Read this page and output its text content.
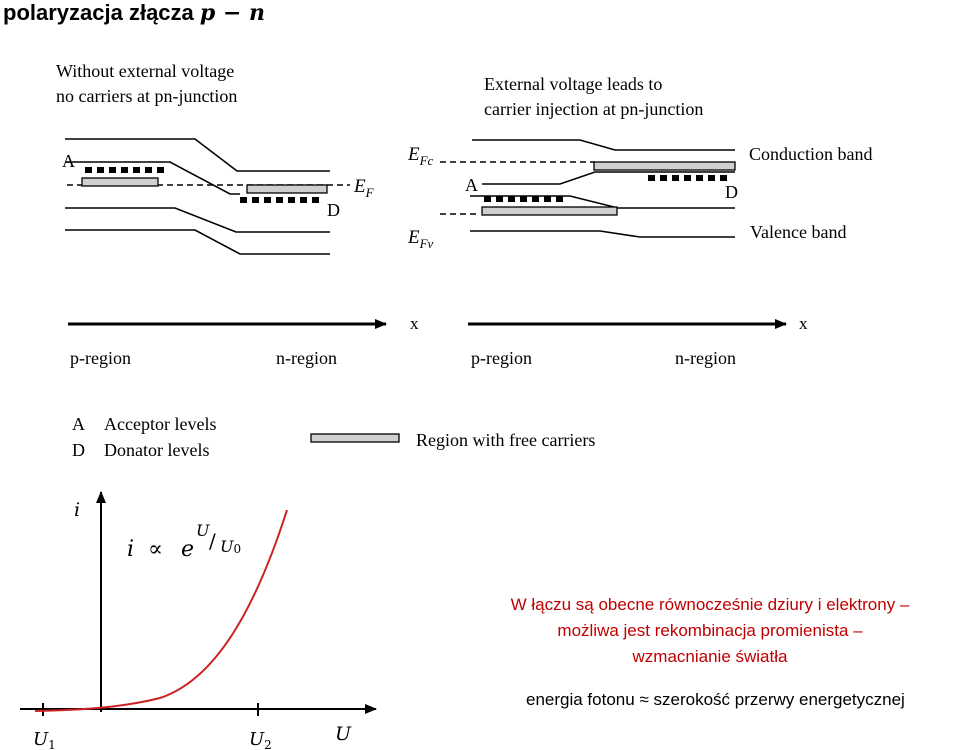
polaryzacja złącza p − n
Without external voltage
no carriers at pn-junction
A
D
$E_F$
x
p-region	n-region
External voltage leads to
carrier injection at pn-junction
$E_{Fc}$
$E_{Fv}$
A	D
Conduction band
Valence band
x
p-region	n-region
A Acceptor levels
D Donator levels	Region with free carriers
i
U
$U_1$	$U_2$
i ∝ e
U / U0
W łączu są obecne równocześnie dziury i elektrony –
możliwa jest rekombinacja promienista –
wzmacnianie światła
energia fotonu ≈ szerokość przerwy energetycznej
